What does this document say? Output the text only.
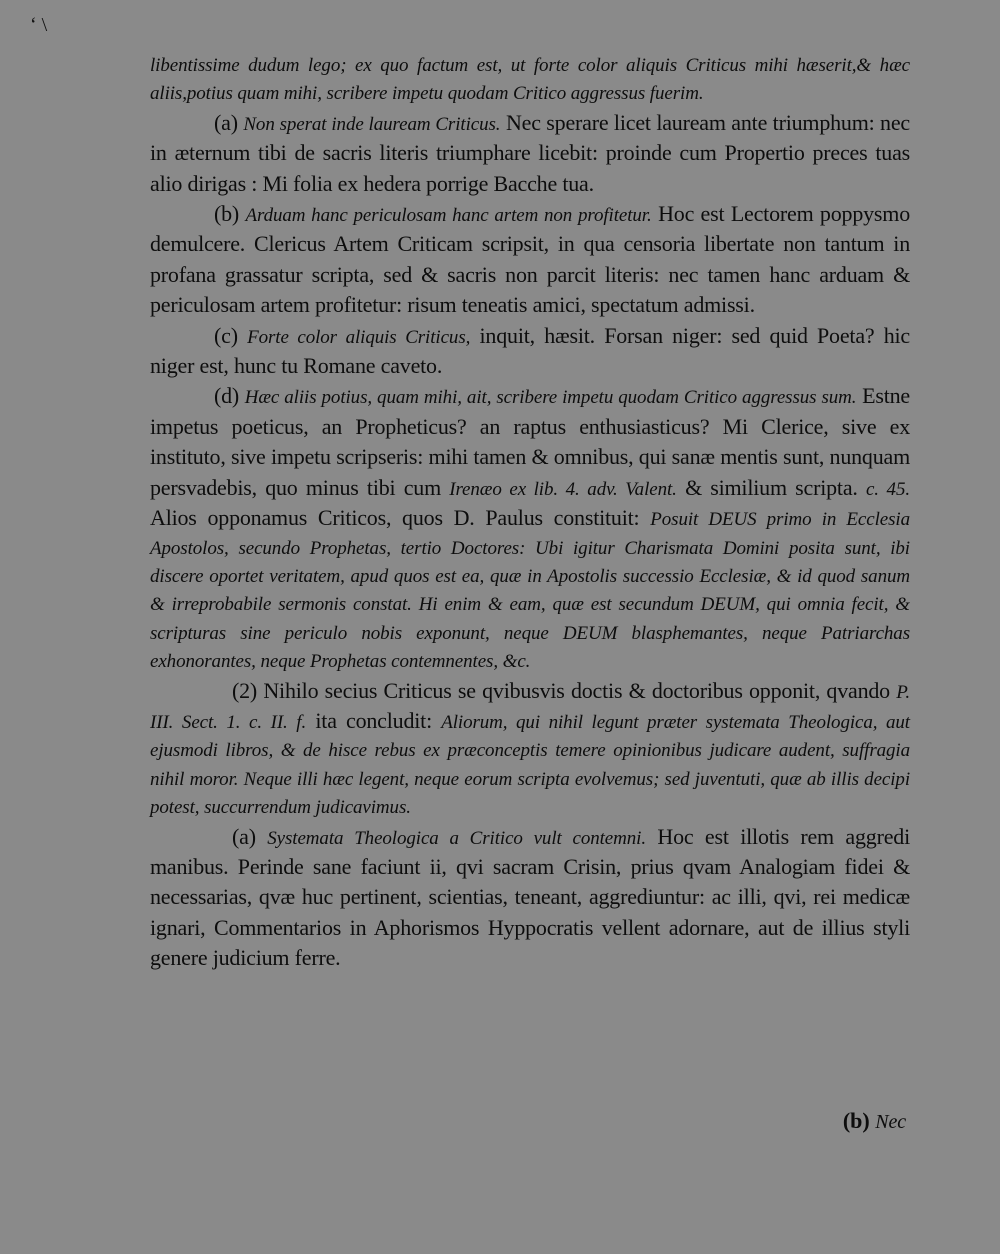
‘ \

libentissime dudum lego; ex quo factum est, ut forte color aliquis Criticus mihi hæserit,& hæc aliis,potius quam mihi, scribere impetu quodam Critico aggressus fuerim.

(a) Non sperat inde lauream Criticus. Nec sperare licet lauream ante triumphum: nec in æternum tibi de sacris literis triumphare licebit: proinde cum Propertio preces tuas alio dirigas : Mi folia ex hedera porrige Bacche tua.

(b) Arduam hanc periculosam hanc artem non profitetur. Hoc est Lectorem poppysmo demulcere. Clericus Artem Criticam scripsit, in qua censoria libertate non tantum in profana grassatur scripta, sed & sacris non parcit literis: nec tamen hanc arduam & periculosam artem profitetur: risum teneatis amici, spectatum admissi.

(c) Forte color aliquis Criticus, inquit, hæsit. Forsan niger: sed quid Poeta? hic niger est, hunc tu Romane caveto.

(d) Hæc aliis potius, quam mihi, ait, scribere impetu quodam Critico aggressus sum. Estne impetus poeticus, an Propheticus? an raptus enthusiasticus? Mi Clerice, sive ex instituto, sive impetu scripseris: mihi tamen & omnibus, qui sanæ mentis sunt, nunquam persvadebis, quo minus tibi cum Irenæo ex lib. 4. adv. Valent. & similium scripta. c. 45. Alios opponamus Criticos, quos D. Paulus constituit: Posuit DEUS primo in Ecclesia Apostolos, secundo Prophetas, tertio Doctores: Ubi igitur Charismata Domini posita sunt, ibi discere oportet veritatem, apud quos est ea, quæ in Apostolis successio Ecclesiæ, & id quod sanum & irreprobabile sermonis constat. Hi enim & eam, quæ est secundum DEUM, qui omnia fecit, & scripturas sine periculo nobis exponunt, neque DEUM blasphemantes, neque Patriarchas exhonorantes, neque Prophetas contemnentes, &c.

(2) Nihilo secius Criticus se qvibusvis doctis & doctoribus opponit, qvando P. III. Sect. 1. c. II. f. ita concludit: Aliorum, qui nihil legunt præter systemata Theologica, aut ejusmodi libros, & de hisce rebus ex præconceptis temere opinionibus judicare audent, suffragia nihil moror. Neque illi hæc legent, neque eorum scripta evolvemus; sed juventuti, quæ ab illis decipi potest, succurrendum judicavimus.

(a) Systemata Theologica a Critico vult contemni. Hoc est illotis rem aggredi manibus. Perinde sane faciunt ii, qvi sacram Crisin, prius qvam Analogiam fidei & necessarias, qvæ huc pertinent, scientias, teneant, aggrediuntur: ac illi, qvi, rei medicæ ignari, Commentarios in Aphorismos Hyppocratis vellent adornare, aut de illius styli genere judicium ferre.

(b) Nec
